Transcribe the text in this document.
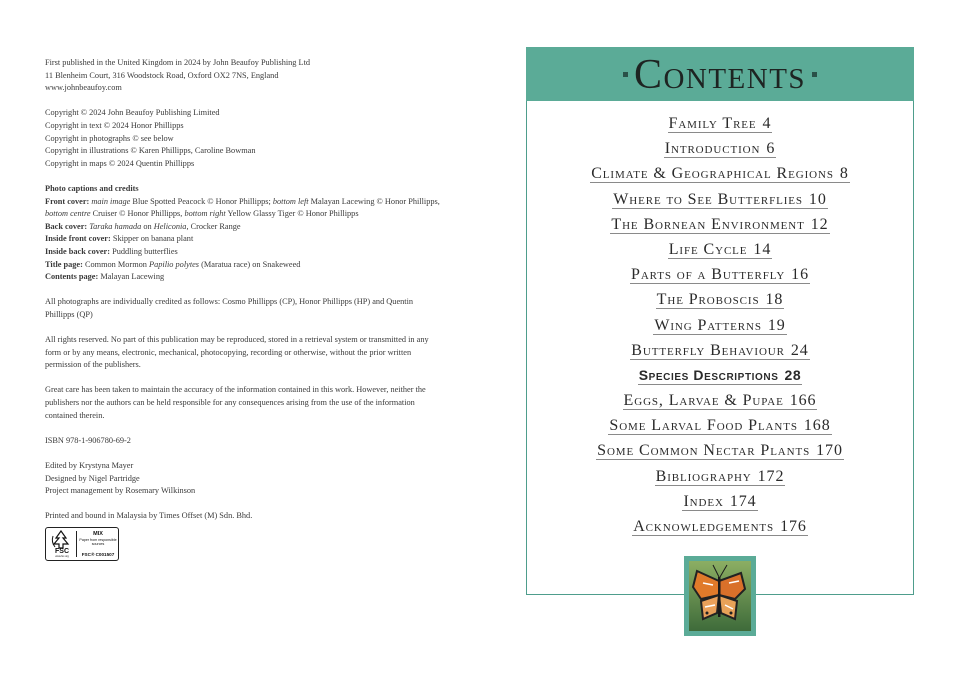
First published in the United Kingdom in 2024 by John Beaufoy Publishing Ltd

11 Blenheim Court, 316 Woodstock Road, Oxford OX2 7NS, England

www.johnbeaufoy.com

Copyright © 2024 John Beaufoy Publishing Limited

Copyright in text © 2024 Honor Phillipps

Copyright in photographs © see below

Copyright in illustrations © Karen Phillipps, Caroline Bowman

Copyright in maps © 2024 Quentin Phillipps

Photo captions and credits

Front cover: main image Blue Spotted Peacock © Honor Phillipps; bottom left Malayan Lacewing © Honor Phillipps, bottom centre Cruiser © Honor Phillipps, bottom right Yellow Glassy Tiger © Honor Phillipps

Back cover: Taraka hamada on Heliconia, Crocker Range

Inside front cover: Skipper on banana plant

Inside back cover: Puddling butterflies

Title page: Common Mormon Papilio polytes (Maratua race) on Snakeweed

Contents page: Malayan Lacewing

All photographs are individually credited as follows: Cosmo Phillipps (CP), Honor Phillipps (HP) and Quentin Phillipps (QP)

All rights reserved. No part of this publication may be reproduced, stored in a retrieval system or transmitted in any form or by any means, electronic, mechanical, photocopying, recording or otherwise, without the prior written permission of the publishers.

Great care has been taken to maintain the accuracy of the information contained in this work. However, neither the publishers nor the authors can be held responsible for any consequences arising from the use of the information contained therein.

ISBN 978-1-906780-69-2

Edited by Krystyna Mayer

Designed by Nigel Partridge

Project management by Rosemary Wilkinson

Printed and bound in Malaysia by Times Offset (M) Sdn. Bhd.

FSC
www.fsc.org
MIX
Paper from responsible sources
FSC® C001507
Contents
Family Tree 4
Introduction 6
Climate & Geographical Regions 8
Where to See Butterflies 10
The Bornean Environment 12
Life Cycle 14
Parts of a Butterfly 16
The Proboscis 18
Wing Patterns 19
Butterfly Behaviour 24
Species Descriptions 28
Eggs, Larvae & Pupae 166
Some Larval Food Plants 168
Some Common Nectar Plants 170
Bibliography 172
Index 174
Acknowledgements 176
